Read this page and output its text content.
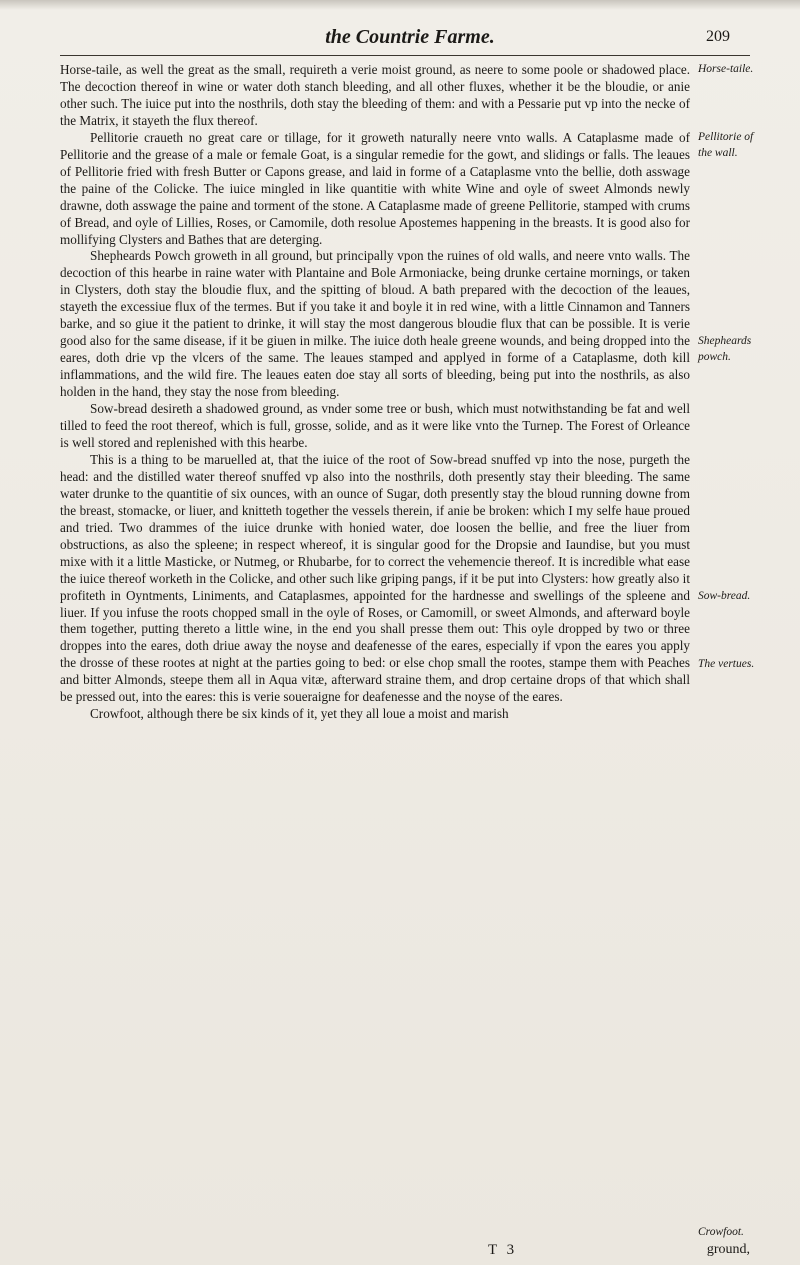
the Countrie Farme.	209

Horse-taile, as well the great as the small, requireth a verie moist ground, as neere to some poole or shadowed place. The decoction thereof in wine or water doth stanch bleeding, and all other fluxes, whether it be the bloudie, or anie other such. The iuice put into the nosthrils, doth stay the bleeding of them: and with a Pessarie put vp into the necke of the Matrix, it stayeth the flux thereof.

Pellitorie craueth no great care or tillage, for it groweth naturally neere vnto walls. A Cataplasme made of Pellitorie and the grease of a male or female Goat, is a singular remedie for the gowt, and slidings or falls. The leaues of Pellitorie fried with fresh Butter or Capons grease, and laid in forme of a Cataplasme vnto the bellie, doth asswage the paine of the Colicke. The iuice mingled in like quantitie with white Wine and oyle of sweet Almonds newly drawne, doth asswage the paine and torment of the stone. A Cataplasme made of greene Pellitorie, stamped with crums of Bread, and oyle of Lillies, Roses, or Camomile, doth resolue Apostemes happening in the breasts. It is good also for mollifying Clysters and Bathes that are deterging.

Shepheards Powch groweth in all ground, but principally vpon the ruines of old walls, and neere vnto walls. The decoction of this hearbe in raine water with Plantaine and Bole Armoniacke, being drunke certaine mornings, or taken in Clysters, doth stay the bloudie flux, and the spitting of bloud. A bath prepared with the decoction of the leaues, stayeth the excessiue flux of the termes. But if you take it and boyle it in red wine, with a little Cinnamon and Tanners barke, and so giue it the patient to drinke, it will stay the most dangerous bloudie flux that can be possible. It is verie good also for the same disease, if it be giuen in milke. The iuice doth heale greene wounds, and being dropped into the eares, doth drie vp the vlcers of the same. The leaues stamped and applyed in forme of a Cataplasme, doth kill inflammations, and the wild fire. The leaues eaten doe stay all sorts of bleeding, being put into the nosthrils, as also holden in the hand, they stay the nose from bleeding.

Sow-bread desireth a shadowed ground, as vnder some tree or bush, which must notwithstanding be fat and well tilled to feed the root thereof, which is full, grosse, solide, and as it were like vnto the Turnep. The Forest of Orleance is well stored and replenished with this hearbe.

This is a thing to be maruelled at, that the iuice of the root of Sow-bread snuffed vp into the nose, purgeth the head: and the distilled water thereof snuffed vp also into the nosthrils, doth presently stay their bleeding. The same water drunke to the quantitie of six ounces, with an ounce of Sugar, doth presently stay the bloud running downe from the breast, stomacke, or liuer, and knitteth together the vessels therein, if anie be broken: which I my selfe haue proued and tried. Two drammes of the iuice drunke with honied water, doe loosen the bellie, and free the liuer from obstructions, as also the spleene; in respect whereof, it is singular good for the Dropsie and Iaundise, but you must mixe with it a little Masticke, or Nutmeg, or Rhubarbe, for to correct the vehemencie thereof. It is incredible what ease the iuice thereof worketh in the Colicke, and other such like griping pangs, if it be put into Clysters: how greatly also it profiteth in Oyntments, Liniments, and Cataplasmes, appointed for the hardnesse and swellings of the spleene and liuer. If you infuse the roots chopped small in the oyle of Roses, or Camomill, or sweet Almonds, and afterward boyle them together, putting thereto a little wine, in the end you shall presse them out: This oyle dropped by two or three droppes into the eares, doth driue away the noyse and deafenesse of the eares, especially if vpon the eares you apply the drosse of these rootes at night at the parties going to bed: or else chop small the rootes, stampe them with Peaches and bitter Almonds, steepe them all in Aqua vitæ, afterward straine them, and drop certaine drops of that which shall be pressed out, into the eares: this is verie soueraigne for deafenesse and the noyse of the eares.

Crowfoot, although there be six kinds of it, yet they all loue a moist and marish

Horse-taile.
Pellitorie of
the wall.
Shepheards
powch.
Sow-bread.
The vertues.
Crowfoot.
T 3	ground,
